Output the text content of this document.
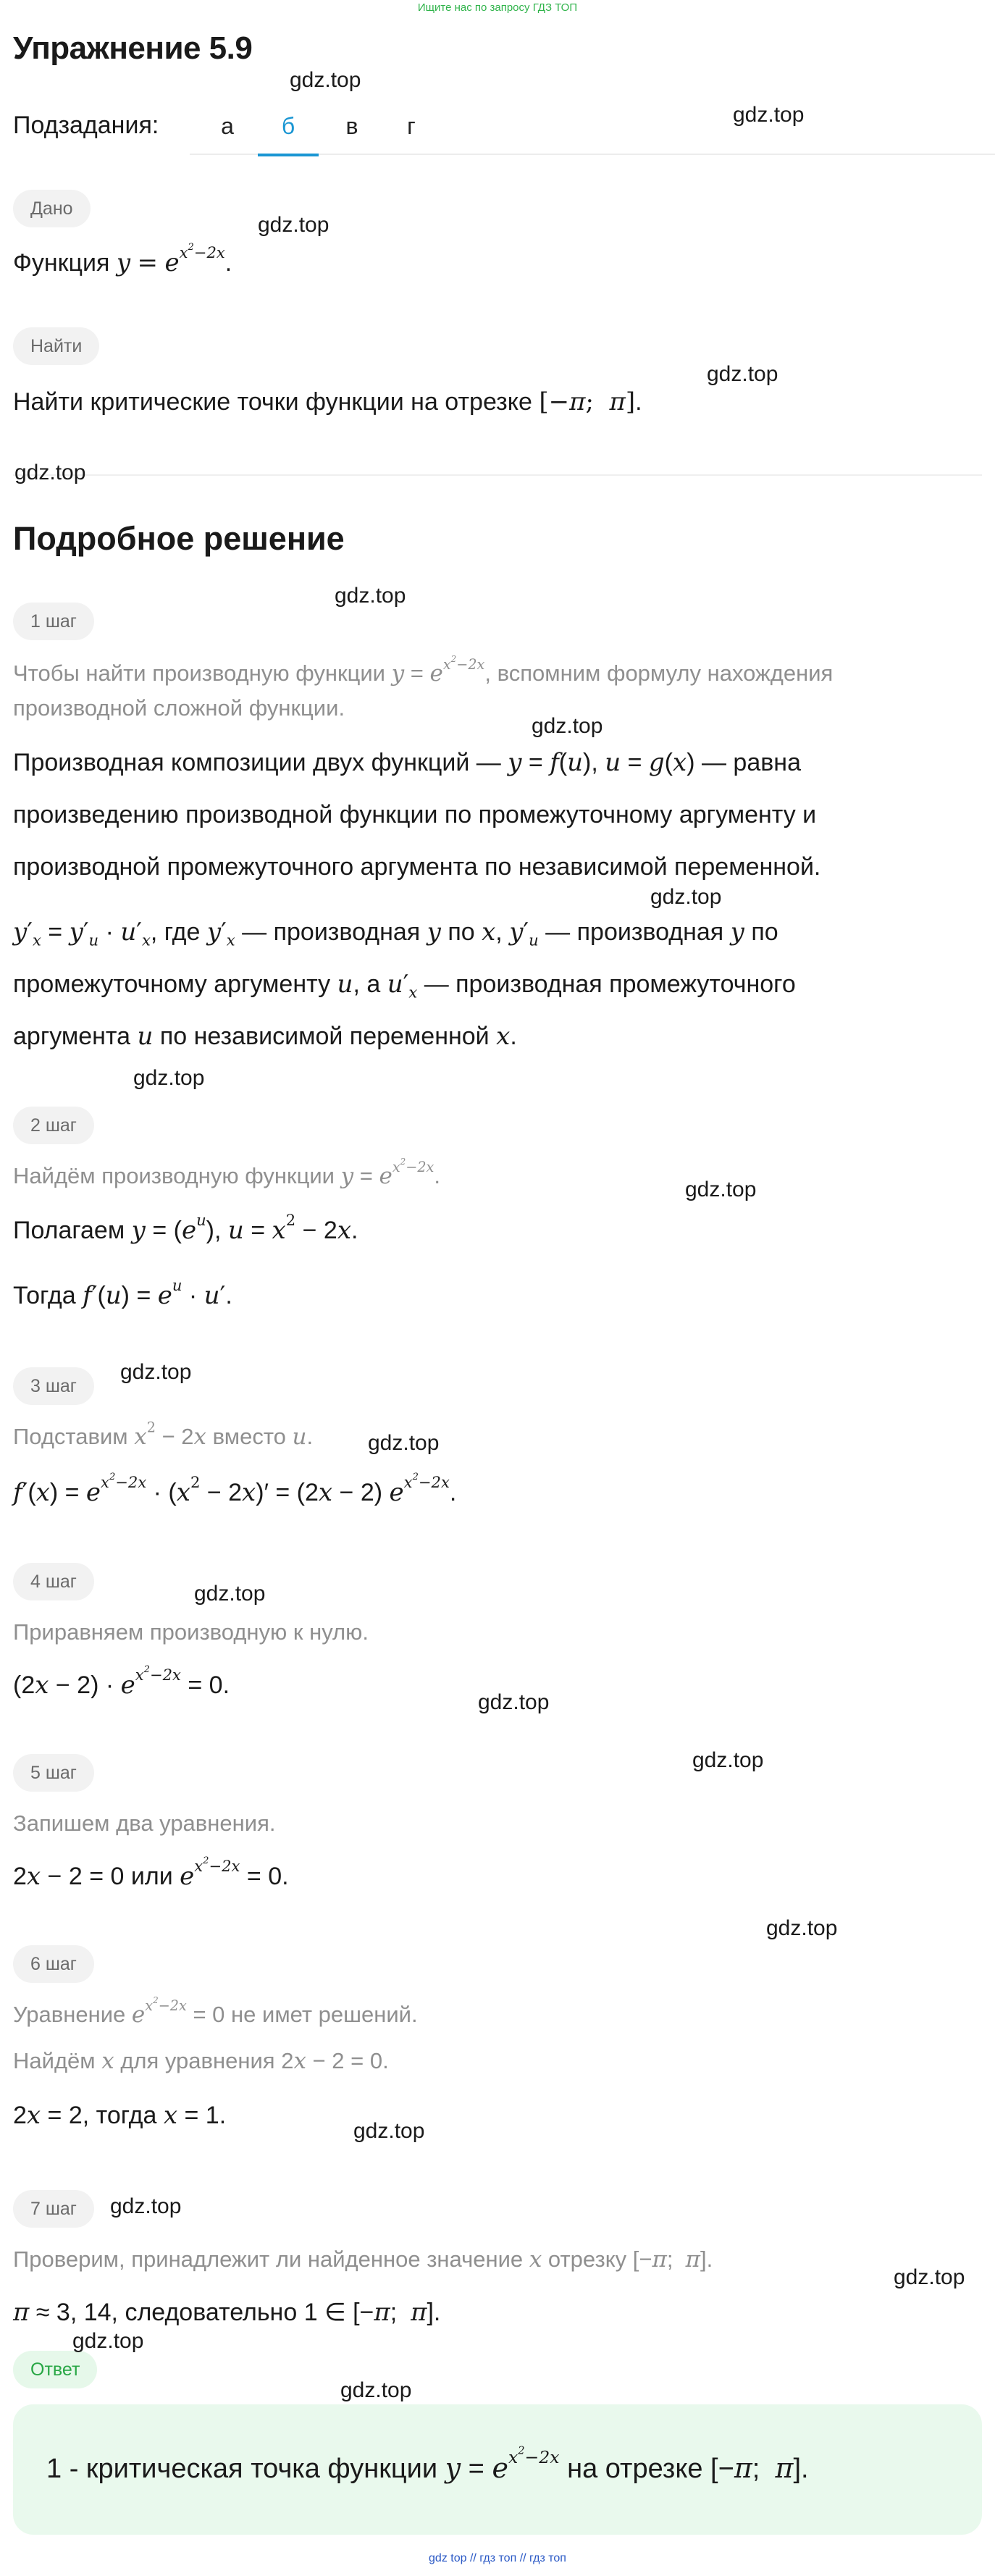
Ищите нас по запросу ГДЗ ТОП
Упражнение 5.9
Подзадания:	а	б	в	г
Дано
Функция $y = e^{x^2-2x}$.
Найти
Найти критические точки функции на отрезке [−π;  π].
Подробное решение
1 шаг
Чтобы найти производную функции $y = e^{x^2-2x}$, вспомним формулу нахождения
производной сложной функции.
Производная композиции двух функций — y = f(u), u = g(x) — равна
произведению производной функции по промежуточному аргументу и
производной промежуточного аргумента по независимой переменной.
$y'_x = y'_u \cdot u'_x$, где $y'_x$ — производная y по x, $y'_u$ — производная y по
промежуточному аргументу u, а $u'_x$ — производная промежуточного
аргумента u по независимой переменной x.
2 шаг
Найдём производную функции $y = e^{x^2-2x}$.
Полагаем $y = (e^u)$, $u = x^2 - 2x$.
Тогда $f'(u) = e^u \cdot u'$.
3 шаг
Подставим $x^2 - 2x$ вместо u.
$f'(x) = e^{x^2-2x} \cdot (x^2 - 2x)' = (2x - 2)$ $e^{x^2-2x}$.
4 шаг
Приравняем производную к нулю.
$(2x - 2) \cdot e^{x^2-2x} = 0$.
5 шаг
Запишем два уравнения.
2x − 2 = 0 или $e^{x^2-2x} = 0$.
6 шаг
Уравнение $e^{x^2-2x} = 0$ не имет решений.
Найдём x для уравнения 2x − 2 = 0.
2x = 2, тогда x = 1.
7 шаг
Проверим, принадлежит ли найденное значение x отрезку [−π;  π].
π ≈ 3, 14, следовательно 1 ∈ [−π;  π].
Ответ
1 - критическая точка функции $y = e^{x^2-2x}$ на отрезке [−π;  π].
gdz.top
gdz.top
gdz.top
gdz.top
gdz.top
gdz.top
gdz.top
gdz.top
gdz.top
gdz.top
gdz.top
gdz.top
gdz.top
gdz.top
gdz.top
gdz.top
gdz.top
gdz.top
gdz.top
gdz.top
gdz.top
gdz top // гдз топ // гдз топ
